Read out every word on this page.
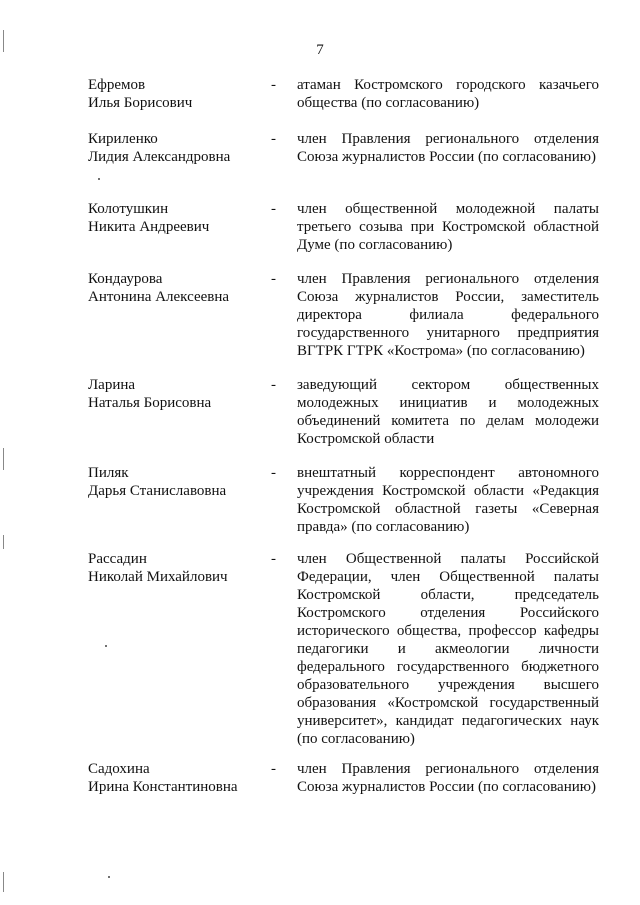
7
Ефремов
Илья Борисович
- атаман Костромского городского казачьего общества (по согласованию)
Кириленко
Лидия Александровна
- член Правления регионального отделения Союза журналистов России (по согласованию)
Колотушкин
Никита Андреевич
- член общественной молодежной палаты третьего созыва при Костромской областной Думе (по согласованию)
Кондаурова
Антонина Алексеевна
- член Правления регионального отделения Союза журналистов России, заместитель директора филиала федерального государственного унитарного предприятия ВГТРК ГТРК «Кострома» (по согласованию)
Ларина
Наталья Борисовна
- заведующий сектором общественных молодежных инициатив и молодежных объединений комитета по делам молодежи Костромской области
Пиляк
Дарья Станиславовна
- внештатный корреспондент автономного учреждения Костромской области «Редакция Костромской областной газеты «Северная правда» (по согласованию)
Рассадин
Николай Михайлович
- член Общественной палаты Российской Федерации, член Общественной палаты Костромской области, председатель Костромского отделения Российского исторического общества, профессор кафедры педагогики и акмеологии личности федерального государственного бюджетного образовательного учреждения высшего образования «Костромской государственный университет», кандидат педагогических наук (по согласованию)
Садохина
Ирина Константиновна
- член Правления регионального отделения Союза журналистов России (по согласованию)
